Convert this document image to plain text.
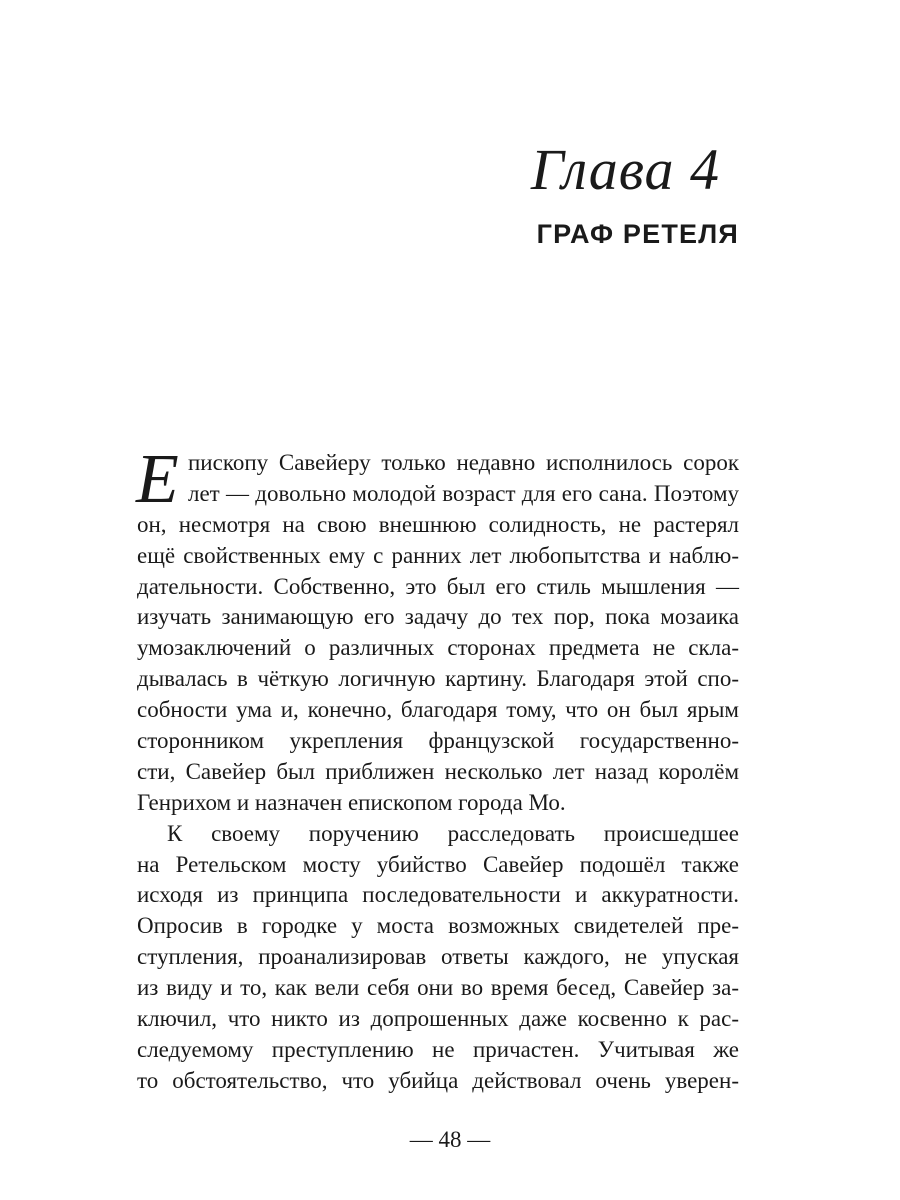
Глава 4
ГРАФ РЕТЕЛЯ
Е пископу Савейеру только недавно исполнилось сорок
лет — довольно молодой возраст для его сана. Поэтому
он, несмотря на свою внешнюю солидность, не растерял
ещё свойственных ему с ранних лет любопытства и наблю-
дательности. Собственно, это был его стиль мышления —
изучать занимающую его задачу до тех пор, пока мозаика
умозаключений о различных сторонах предмета не скла-
дывалась в чёткую логичную картину. Благодаря этой спо-
собности ума и, конечно, благодаря тому, что он был ярым
сторонником укрепления французской государственно-
сти, Савейер был приближен несколько лет назад королём
Генрихом и назначен епископом города Мо.
К своему поручению расследовать происшедшее
на Ретельском мосту убийство Савейер подошёл также
исходя из принципа последовательности и аккуратности.
Опросив в городке у моста возможных свидетелей пре-
ступления, проанализировав ответы каждого, не упуская
из виду и то, как вели себя они во время бесед, Савейер за-
ключил, что никто из допрошенных даже косвенно к рас-
следуемому преступлению не причастен. Учитывая же
то обстоятельство, что убийца действовал очень уверен-
— 48 —
